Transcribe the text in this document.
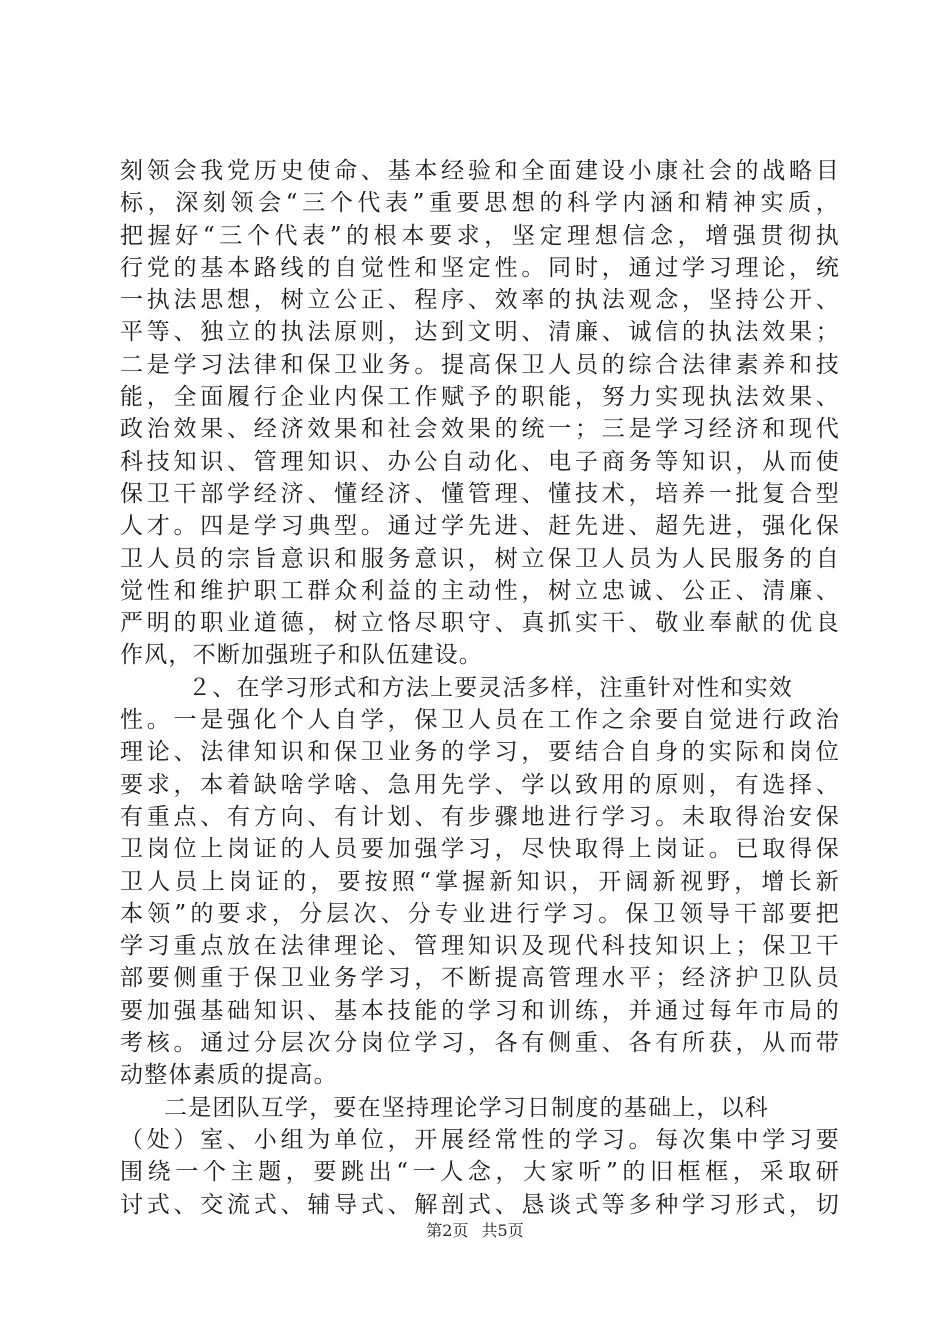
刻领会我党历史使命、基本经验和全面建设小康社会的战略目
标，深刻领会“三个代表”重要思想的科学内涵和精神实质，
把握好“三个代表”的根本要求，坚定理想信念，增强贯彻执
行党的基本路线的自觉性和坚定性。同时，通过学习理论，统
一执法思想，树立公正、程序、效率的执法观念，坚持公开、
平等、独立的执法原则，达到文明、清廉、诚信的执法效果；
二是学习法律和保卫业务。提高保卫人员的综合法律素养和技
能，全面履行企业内保工作赋予的职能，努力实现执法效果、
政治效果、经济效果和社会效果的统一；三是学习经济和现代
科技知识、管理知识、办公自动化、电子商务等知识，从而使
保卫干部学经济、懂经济、懂管理、懂技术，培养一批复合型
人才。四是学习典型。通过学先进、赶先进、超先进，强化保
卫人员的宗旨意识和服务意识，树立保卫人员为人民服务的自
觉性和维护职工群众利益的主动性，树立忠诚、公正、清廉、
严明的职业道德，树立恪尽职守、真抓实干、敬业奉献的优良
作风，不断加强班子和队伍建设。
２、在学习形式和方法上要灵活多样，注重针对性和实效
性。一是强化个人自学，保卫人员在工作之余要自觉进行政治
理论、法律知识和保卫业务的学习，要结合自身的实际和岗位
要求，本着缺啥学啥、急用先学、学以致用的原则，有选择、
有重点、有方向、有计划、有步骤地进行学习。未取得治安保
卫岗位上岗证的人员要加强学习，尽快取得上岗证。已取得保
卫人员上岗证的，要按照“掌握新知识，开阔新视野，增长新
本领”的要求，分层次、分专业进行学习。保卫领导干部要把
学习重点放在法律理论、管理知识及现代科技知识上；保卫干
部要侧重于保卫业务学习，不断提高管理水平；经济护卫队员
要加强基础知识、基本技能的学习和训练，并通过每年市局的
考核。通过分层次分岗位学习，各有侧重、各有所获，从而带
动整体素质的提高。
二是团队互学，要在坚持理论学习日制度的基础上，以科
（处）室、小组为单位，开展经常性的学习。每次集中学习要
围绕一个主题，要跳出“一人念，大家听”的旧框框，采取研
讨式、交流式、辅导式、解剖式、恳谈式等多种学习形式，切
第2页 共5页
